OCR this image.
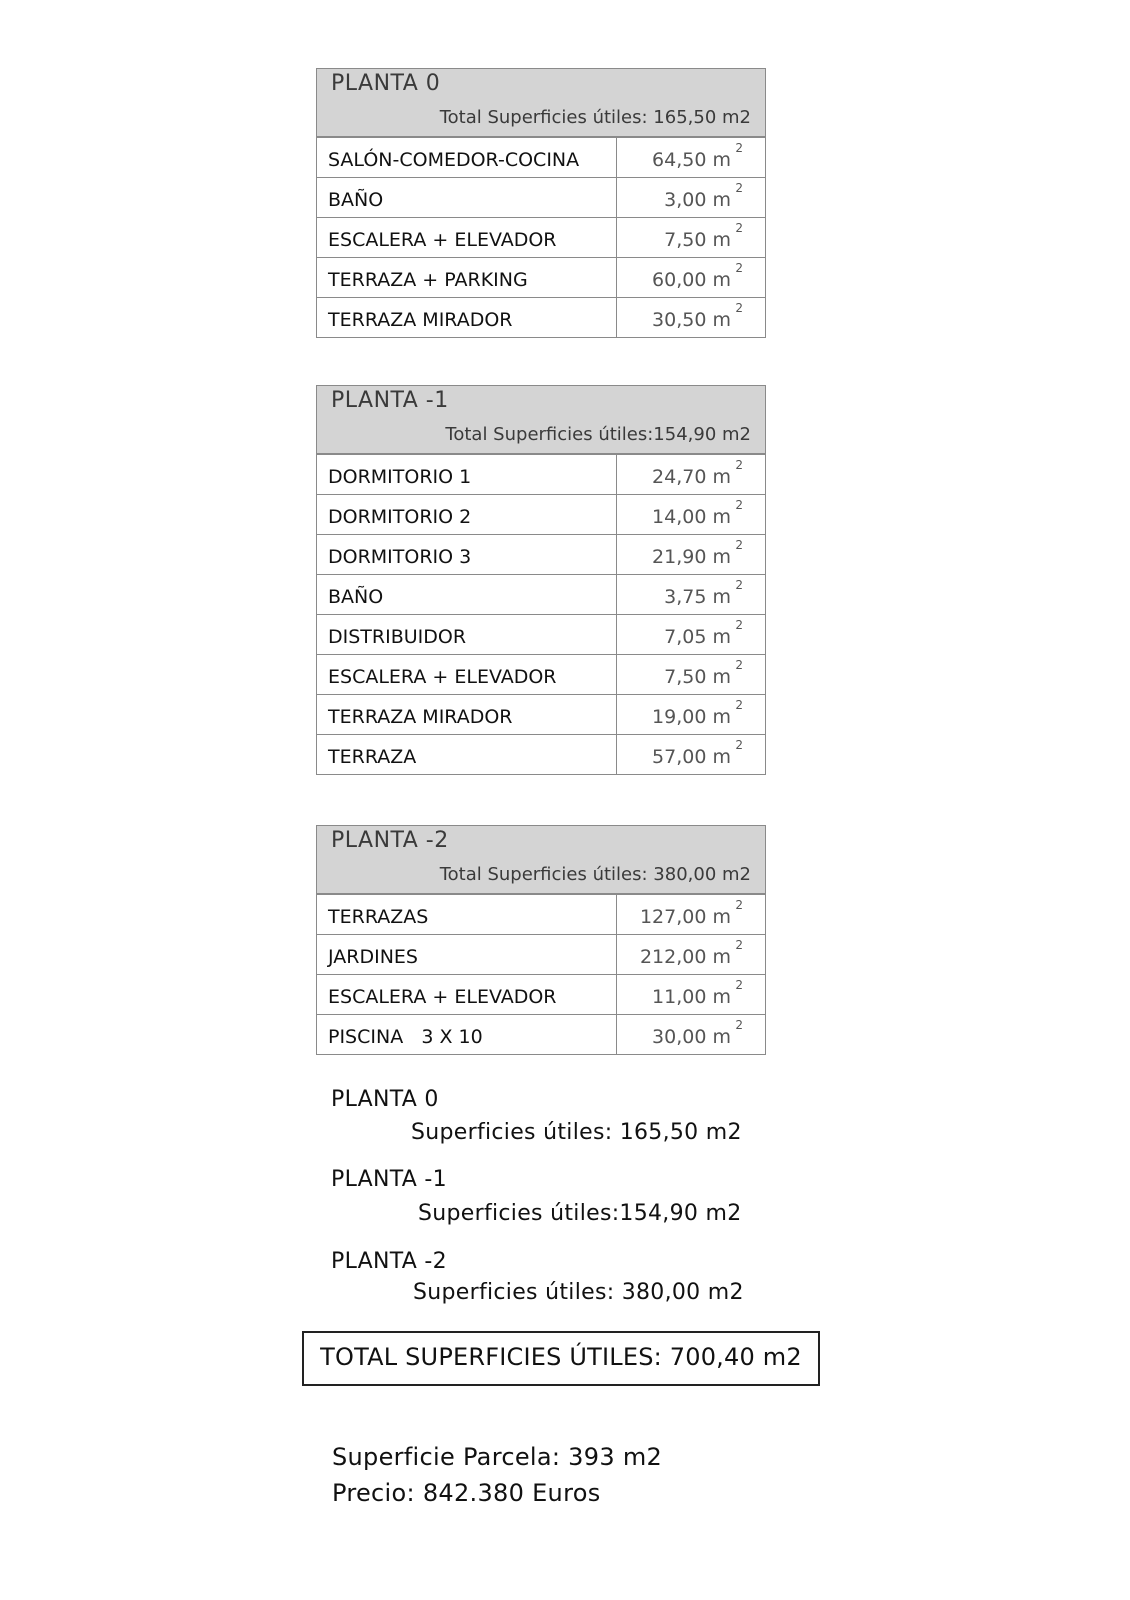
PLANTA 0
Total Superficies útiles: 165,50 m2
SALÓN-COMEDOR-COCINA	64,50 m
2
BAÑO	3,00 m
2
ESCALERA + ELEVADOR	7,50 m
2
TERRAZA + PARKING	60,00 m
2
TERRAZA MIRADOR	30,50 m
2
PLANTA -1
Total Superficies útiles:154,90 m2
DORMITORIO 1	24,70 m
2
DORMITORIO 2	14,00 m
2
DORMITORIO 3	21,90 m
2
BAÑO	3,75 m
2
DISTRIBUIDOR	7,05 m
2
ESCALERA + ELEVADOR	7,50 m
2
TERRAZA MIRADOR	19,00 m
2
TERRAZA	57,00 m
2
PLANTA -2
Total Superficies útiles: 380,00 m2
TERRAZAS	127,00 m
2
JARDINES	212,00 m
2
ESCALERA + ELEVADOR	11,00 m
2
PISCINA   3 X 10	30,00 m
2
PLANTA 0
Superficies útiles: 165,50 m2
PLANTA -1
Superficies útiles:154,90 m2
PLANTA -2
Superficies útiles: 380,00 m2
TOTAL SUPERFICIES ÚTILES: 700,40 m2
Superficie Parcela: 393 m2
Precio: 842.380 Euros
